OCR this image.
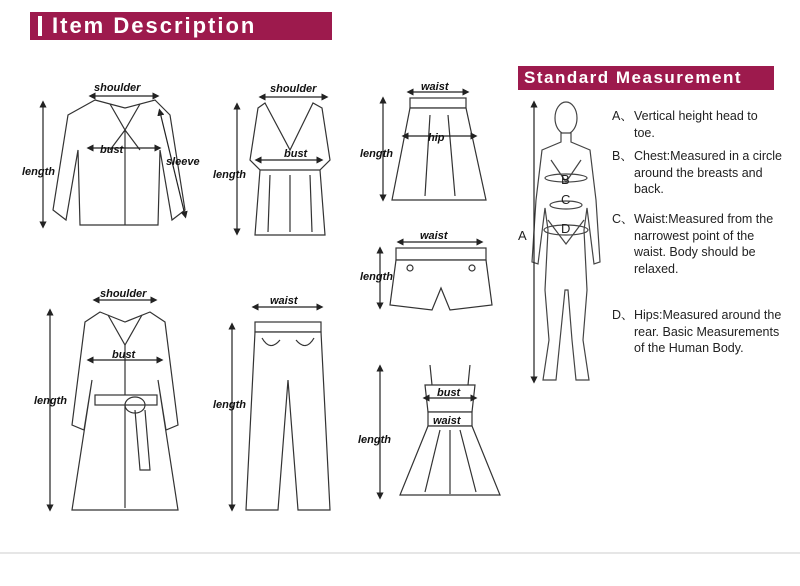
Item Description
Standard Measurement
shoulder
bust
length
sleeve
shoulder
bust
length
waist
hip
length
waist
length
shoulder
bust
length
waist
length
bust
waist
length
A
B
C
D
A、 Vertical height head to toe.
B、 Chest:Measured in a circle around the breasts and back.
C、 Waist:Measured from the narrowest point of the waist. Body should be relaxed.
D、 Hips:Measured around the rear. Basic Measurements of the Human Body.
